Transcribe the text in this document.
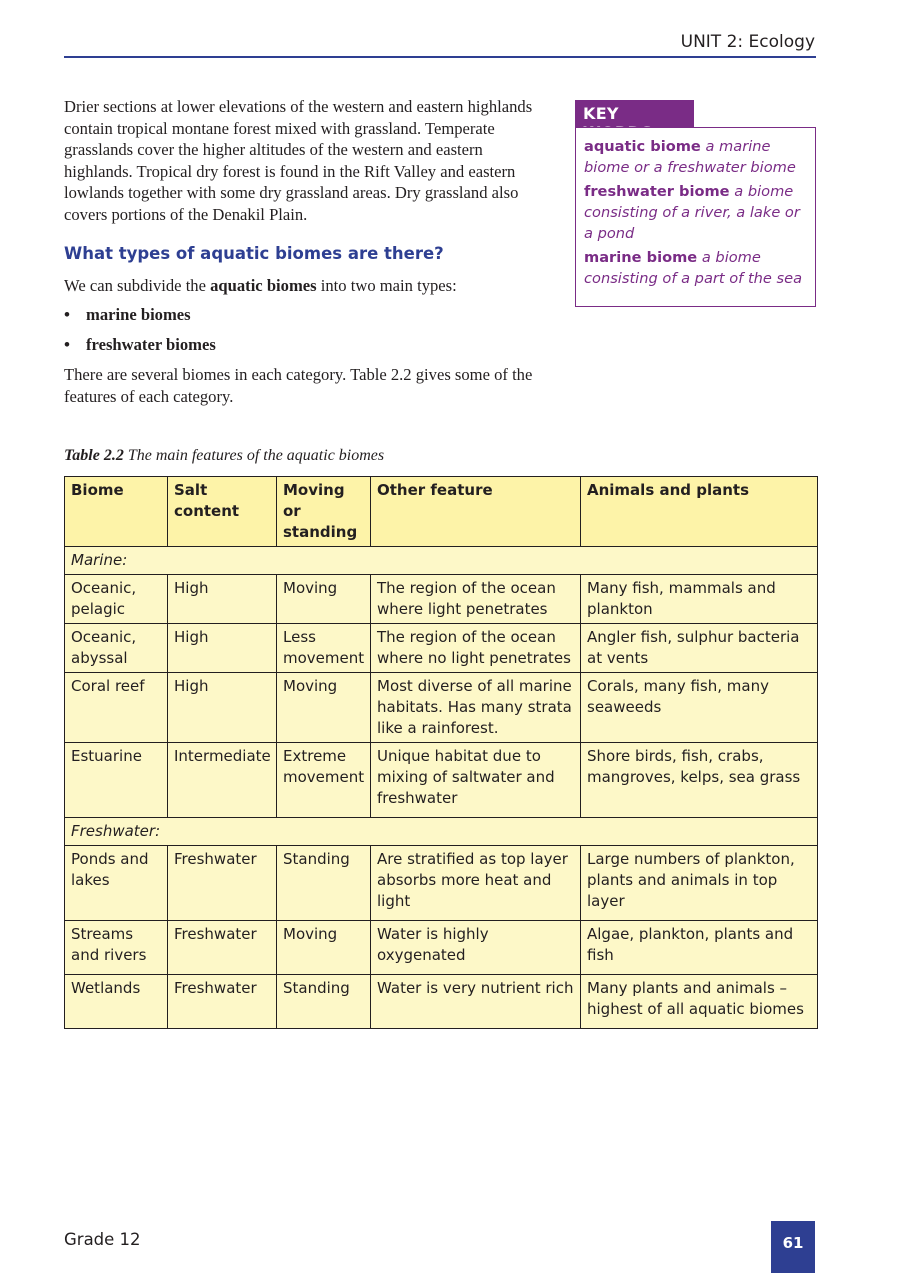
UNIT 2: Ecology

Drier sections at lower elevations of the western and eastern highlands contain tropical montane forest mixed with grassland. Temperate grasslands cover the higher altitudes of the western and eastern highlands. Tropical dry forest is found in the Rift Valley and eastern lowlands together with some dry grassland areas. Dry grassland also covers portions of the Denakil Plain.

What types of aquatic biomes are there?

We can subdivide the aquatic biomes into two main types:

• marine biomes
• freshwater biomes

There are several biomes in each category. Table 2.2 gives some of the features of each category.

KEY WORDS
aquatic biome a marine biome or a freshwater biome
freshwater biome a biome consisting of a river, a lake or a pond
marine biome a biome consisting of a part of the sea
Table 2.2 The main features of the aquatic biomes
Biome	Salt content	Moving or standing	Other feature	Animals and plants
Marine:				
Oceanic, pelagic	High	Moving	The region of the ocean where light penetrates	Many fish, mammals and plankton
Oceanic, abyssal	High	Less movement	The region of the ocean where no light penetrates	Angler fish, sulphur bacteria at vents
Coral reef	High	Moving	Most diverse of all marine habitats. Has many strata like a rainforest.	Corals, many fish, many seaweeds
Estuarine	Intermediate	Extreme movement	Unique habitat due to mixing of saltwater and freshwater	Shore birds, fish, crabs, mangroves, kelps, sea grass
Freshwater:				
Ponds and lakes	Freshwater	Standing	Are stratified as top layer absorbs more heat and light	Large numbers of plankton, plants and animals in top layer
Streams and rivers	Freshwater	Moving	Water is highly oxygenated	Algae, plankton, plants and fish
Wetlands	Freshwater	Standing	Water is very nutrient rich	Many plants and animals – highest of all aquatic biomes
Grade 12	61
